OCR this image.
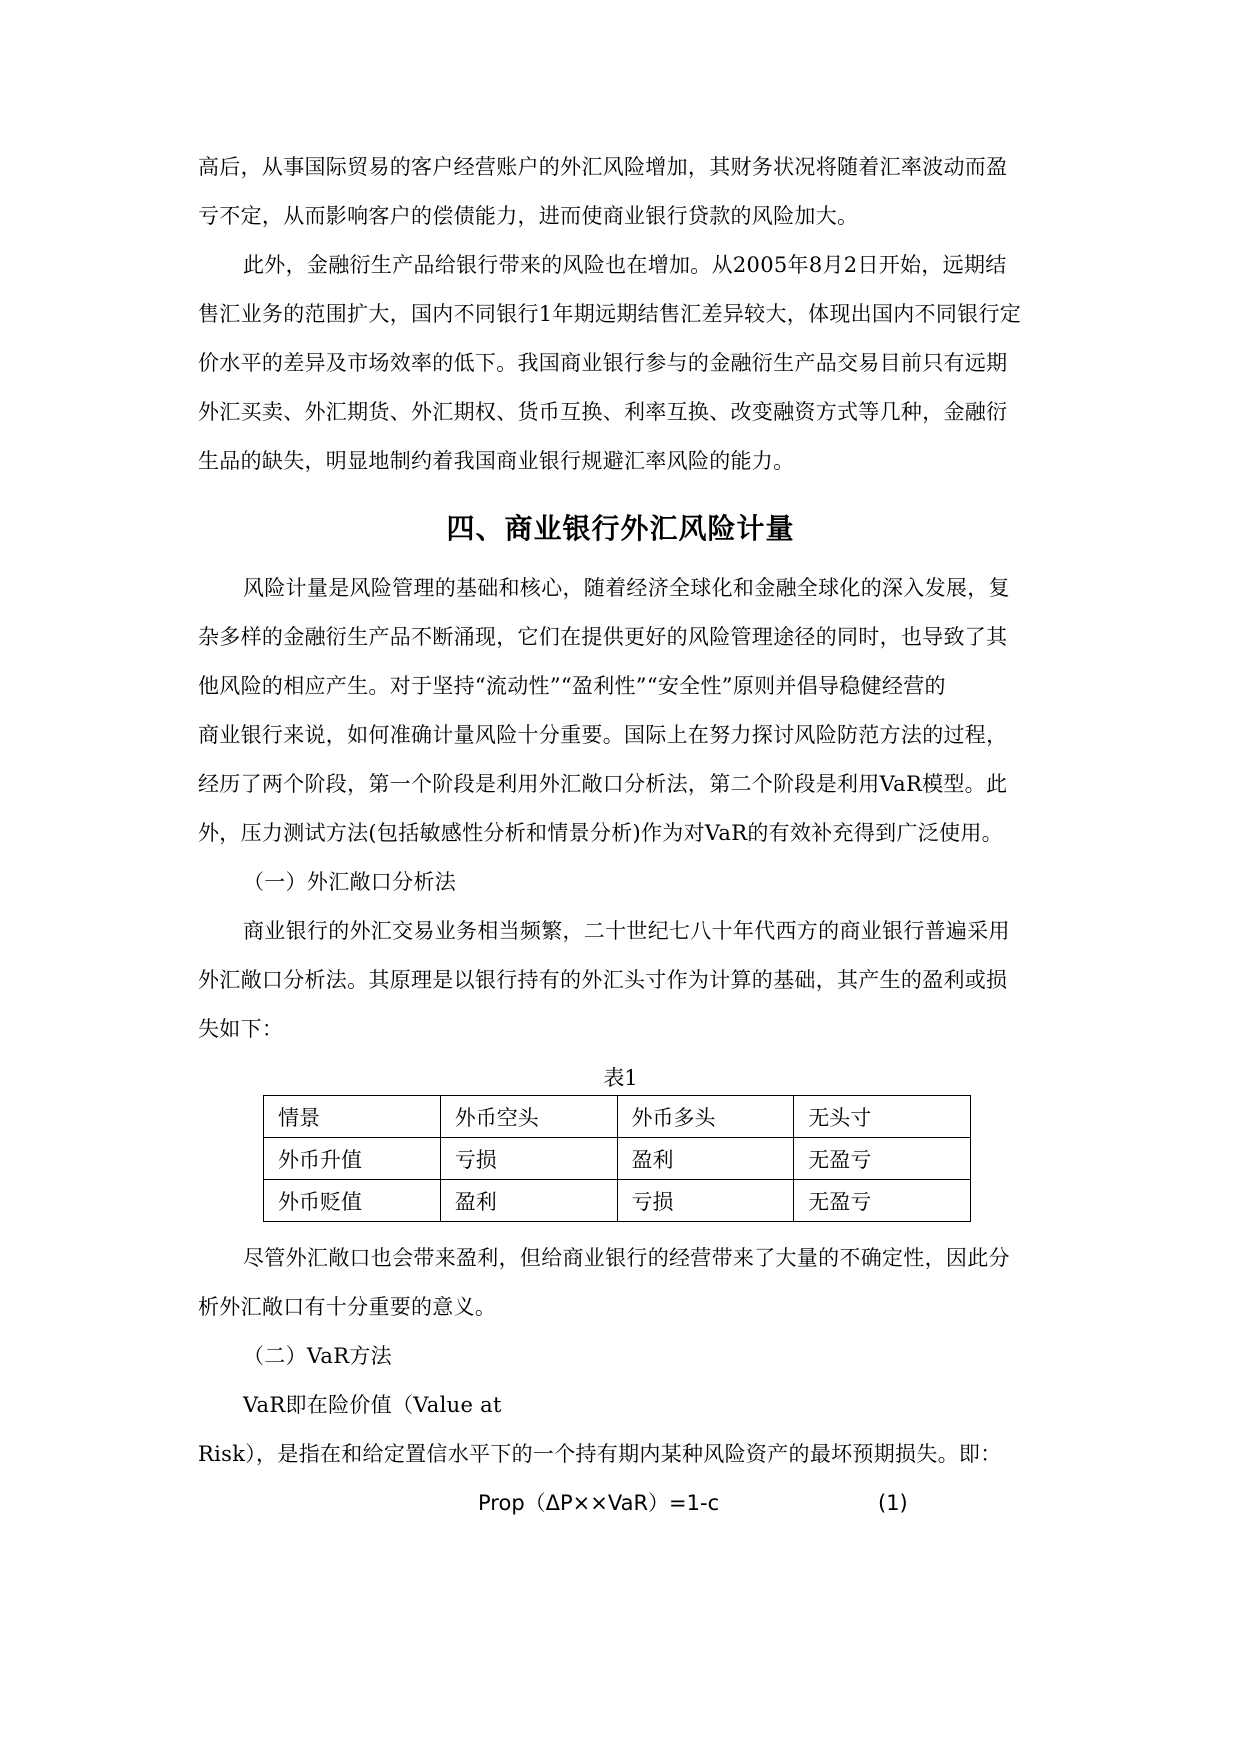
高后，从事国际贸易的客户经营账户的外汇风险增加，其财务状况将随着汇率波动而盈

亏不定，从而影响客户的偿债能力，进而使商业银行贷款的风险加大。

此外，金融衍生产品给银行带来的风险也在增加。从2005年8月2日开始，远期结

售汇业务的范围扩大，国内不同银行1年期远期结售汇差异较大，体现出国内不同银行定

价水平的差异及市场效率的低下。我国商业银行参与的金融衍生产品交易目前只有远期

外汇买卖、外汇期货、外汇期权、货币互换、利率互换、改变融资方式等几种，金融衍

生品的缺失，明显地制约着我国商业银行规避汇率风险的能力。

四、商业银行外汇风险计量

风险计量是风险管理的基础和核心，随着经济全球化和金融全球化的深入发展，复

杂多样的金融衍生产品不断涌现，它们在提供更好的风险管理途径的同时，也导致了其

他风险的相应产生。对于坚持“流动性”“盈利性”“安全性”原则并倡导稳健经营的

商业银行来说，如何准确计量风险十分重要。国际上在努力探讨风险防范方法的过程，

经历了两个阶段，第一个阶段是利用外汇敞口分析法，第二个阶段是利用VaR模型。此

外，压力测试方法(包括敏感性分析和情景分析)作为对VaR的有效补充得到广泛使用。

（一）外汇敞口分析法

商业银行的外汇交易业务相当频繁，二十世纪七八十年代西方的商业银行普遍采用

外汇敞口分析法。其原理是以银行持有的外汇头寸作为计算的基础，其产生的盈利或损

失如下：

表1
情景	外币空头	外币多头	无头寸
外币升值	亏损	盈利	无盈亏
外币贬值	盈利	亏损	无盈亏

尽管外汇敞口也会带来盈利，但给商业银行的经营带来了大量的不确定性，因此分

析外汇敞口有十分重要的意义。

（二）VaR方法

VaR即在险价值（Value at

Risk），是指在和给定置信水平下的一个持有期内某种风险资产的最坏预期损失。即：

Prop（ΔP××VaR）=1-c	(1)
